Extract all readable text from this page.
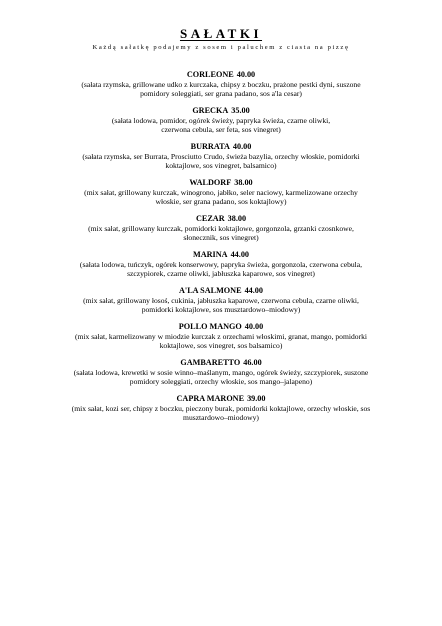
SAŁATKI
Każdą sałatkę podajemy z sosem i paluchem z ciasta na pizzę
CORLEONE 40.00
(sałata rzymska, grillowane udko z kurczaka, chipsy z boczku, prażone pestki dyni, suszone
pomidory soleggiati, ser grana padano, sos a'la cesar)
GRECKA 35.00
(sałata lodowa, pomidor, ogórek świeży, papryka świeża, czarne oliwki,
czerwona cebula, ser feta, sos vinegret)
BURRATA 40.00
(sałata rzymska, ser Burrata, Prosciutto Crudo, świeża bazylia, orzechy włoskie, pomidorki
koktajlowe, sos vinegret, balsamico)
WALDORF 38.00
(mix sałat, grillowany kurczak, winogrono, jabłko, seler naciowy, karmelizowane orzechy
włoskie, ser grana padano, sos koktajlowy)
CEZAR 38.00
(mix sałat, grillowany kurczak, pomidorki koktajlowe, gorgonzola, grzanki czosnkowe,
słonecznik, sos vinegret)
MARINA 44.00
(sałata lodowa, tuńczyk, ogórek konserwowy, papryka świeża, gorgonzola, czerwona cebula,
szczypiorek, czarne oliwki, jabłuszka kaparowe, sos vinegret)
A'LA SALMONE 44.00
(mix sałat, grillowany łosoś, cukinia, jabłuszka kaparowe, czerwona cebula, czarne oliwki,
pomidorki koktajlowe, sos musztardowo–miodowy)
POLLO MANGO 40.00
(mix sałat, karmelizowany w miodzie kurczak z orzechami włoskimi, granat, mango, pomidorki
koktajlowe, sos vinegret, sos balsamico)
GAMBARETTO 46.00
(sałata lodowa, krewetki w sosie winno–maślanym, mango, ogórek świeży, szczypiorek, suszone
pomidory soleggiati, orzechy włoskie, sos mango–jalapeno)
CAPRA MARONE 39.00
(mix sałat, kozi ser, chipsy z boczku, pieczony burak, pomidorki koktajlowe, orzechy włoskie, sos
musztardowo–miodowy)
